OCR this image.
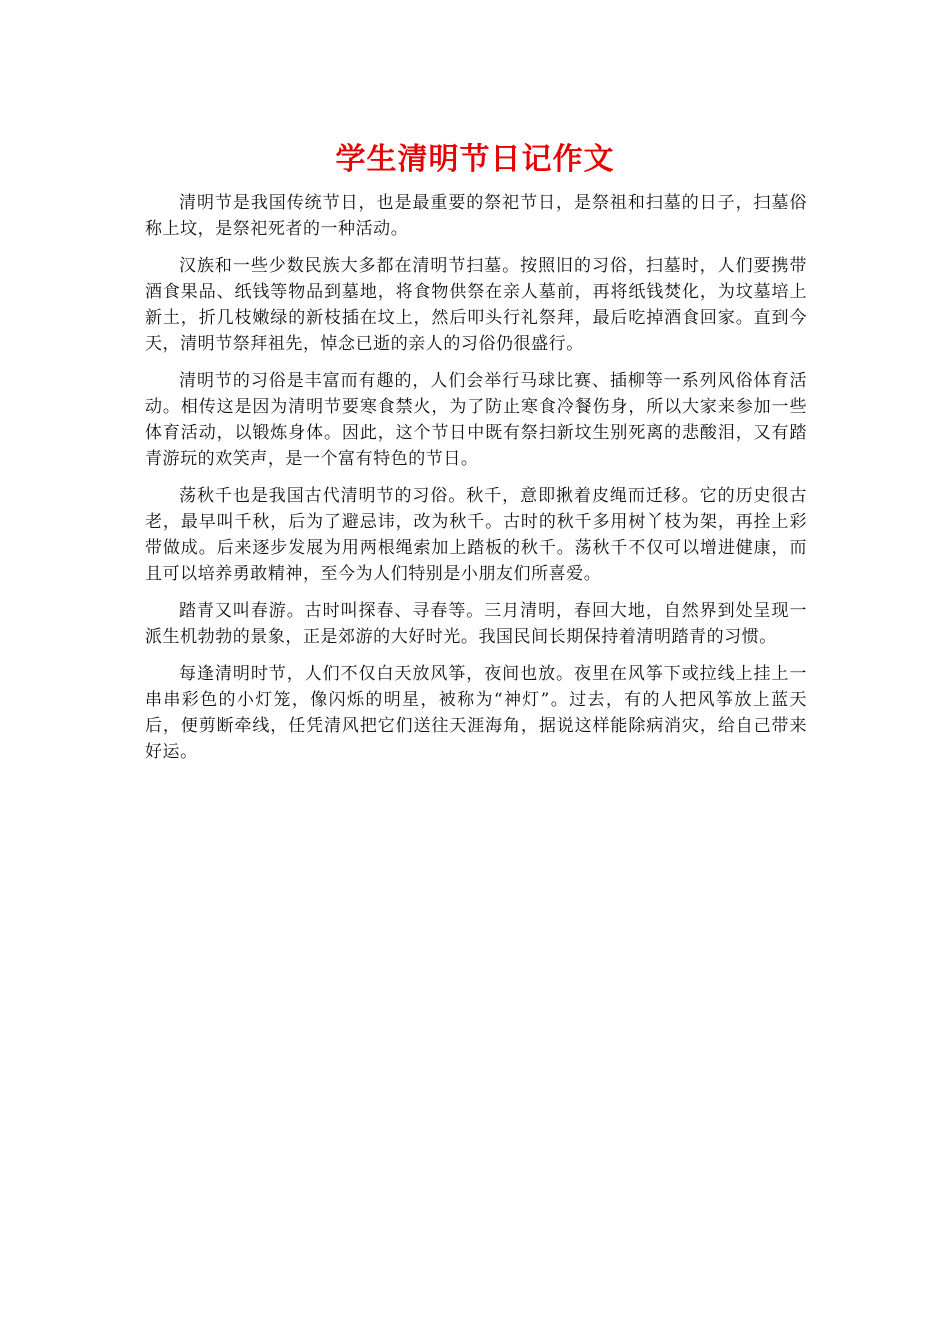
学生清明节日记作文

清明节是我国传统节日，也是最重要的祭祀节日，是祭祖和扫墓的日子，扫墓俗称上坟，是祭祀死者的一种活动。

汉族和一些少数民族大多都在清明节扫墓。按照旧的习俗，扫墓时，人们要携带酒食果品、纸钱等物品到墓地，将食物供祭在亲人墓前，再将纸钱焚化，为坟墓培上新土，折几枝嫩绿的新枝插在坟上，然后叩头行礼祭拜，最后吃掉酒食回家。直到今天，清明节祭拜祖先，悼念已逝的亲人的习俗仍很盛行。

清明节的习俗是丰富而有趣的，人们会举行马球比赛、插柳等一系列风俗体育活动。相传这是因为清明节要寒食禁火，为了防止寒食冷餐伤身，所以大家来参加一些体育活动，以锻炼身体。因此，这个节日中既有祭扫新坟生别死离的悲酸泪，又有踏青游玩的欢笑声，是一个富有特色的节日。

荡秋千也是我国古代清明节的习俗。秋千，意即揪着皮绳而迁移。它的历史很古老，最早叫千秋，后为了避忌讳，改为秋千。古时的秋千多用树丫枝为架，再拴上彩带做成。后来逐步发展为用两根绳索加上踏板的秋千。荡秋千不仅可以增进健康，而且可以培养勇敢精神，至今为人们特别是小朋友们所喜爱。

踏青又叫春游。古时叫探春、寻春等。三月清明，春回大地，自然界到处呈现一派生机勃勃的景象，正是郊游的大好时光。我国民间长期保持着清明踏青的习惯。

每逢清明时节，人们不仅白天放风筝，夜间也放。夜里在风筝下或拉线上挂上一串串彩色的小灯笼，像闪烁的明星，被称为“神灯”。过去，有的人把风筝放上蓝天后，便剪断牵线，任凭清风把它们送往天涯海角，据说这样能除病消灾，给自己带来好运。
